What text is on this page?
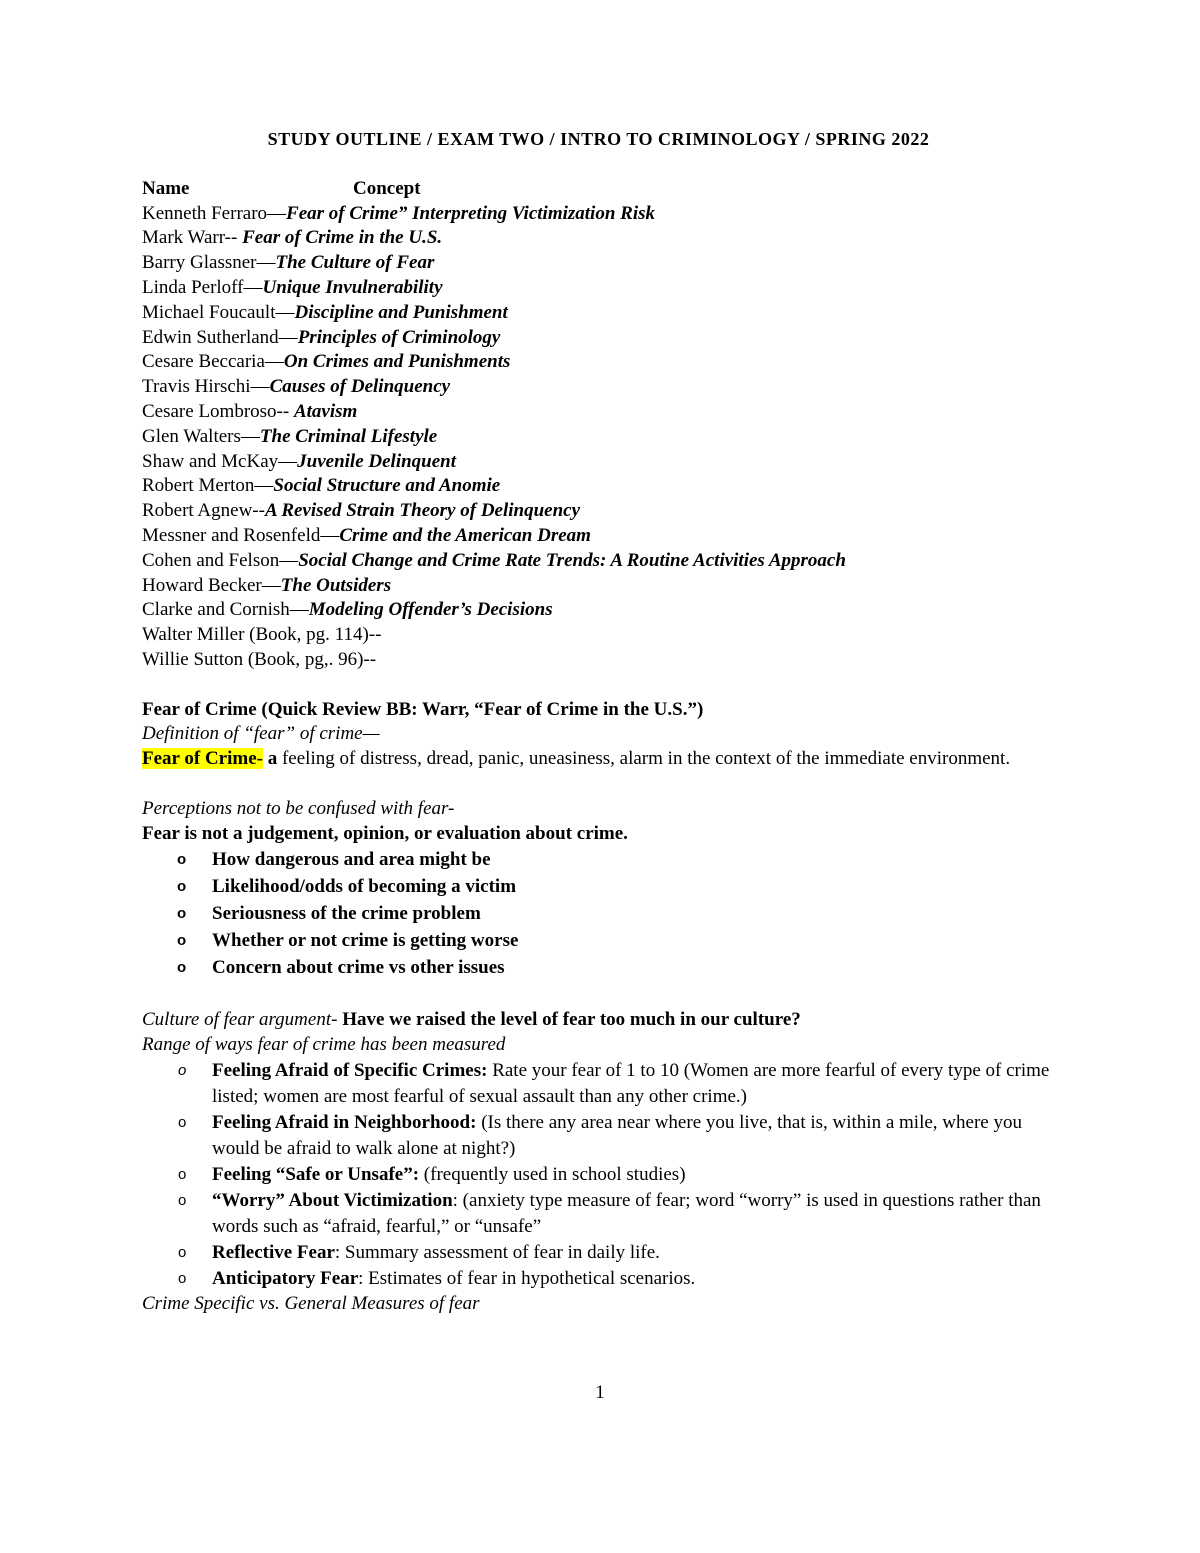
STUDY OUTLINE / EXAM TWO / INTRO TO CRIMINOLOGY / SPRING 2022
Name	Concept
Kenneth Ferraro—Fear of Crime” Interpreting Victimization Risk
Mark Warr-- Fear of Crime in the U.S.
Barry Glassner—The Culture of Fear
Linda Perloff—Unique Invulnerability
Michael Foucault—Discipline and Punishment
Edwin Sutherland—Principles of Criminology
Cesare Beccaria—On Crimes and Punishments
Travis Hirschi—Causes of Delinquency
Cesare Lombroso-- Atavism
Glen Walters—The Criminal Lifestyle
Shaw and McKay—Juvenile Delinquent
Robert Merton—Social Structure and Anomie
Robert Agnew--A Revised Strain Theory of Delinquency
Messner and Rosenfeld—Crime and the American Dream
Cohen and Felson—Social Change and Crime Rate Trends: A Routine Activities Approach
Howard Becker—The Outsiders
Clarke and Cornish—Modeling Offender’s Decisions
Walter Miller (Book, pg. 114)--
Willie Sutton (Book, pg,. 96)--
Fear of Crime (Quick Review BB: Warr, “Fear of Crime in the U.S.”)
Definition of “fear” of crime—
Fear of Crime- a feeling of distress, dread, panic, uneasiness, alarm in the context of the immediate environment.
Perceptions not to be confused with fear-
Fear is not a judgement, opinion, or evaluation about crime.
o How dangerous and area might be
o Likelihood/odds of becoming a victim
o Seriousness of the crime problem
o Whether or not crime is getting worse
o Concern about crime vs other issues
Culture of fear argument- Have we raised the level of fear too much in our culture?
Range of ways fear of crime has been measured
o Feeling Afraid of Specific Crimes: Rate your fear of 1 to 10 (Women are more fearful of every type of crime listed; women are most fearful of sexual assault than any other crime.)
o Feeling Afraid in Neighborhood: (Is there any area near where you live, that is, within a mile, where you would be afraid to walk alone at night?)
o Feeling “Safe or Unsafe”: (frequently used in school studies)
o “Worry” About Victimization: (anxiety type measure of fear; word “worry” is used in questions rather than words such as “afraid, fearful,” or “unsafe”
o Reflective Fear: Summary assessment of fear in daily life.
o Anticipatory Fear: Estimates of fear in hypothetical scenarios.
Crime Specific vs. General Measures of fear
1
